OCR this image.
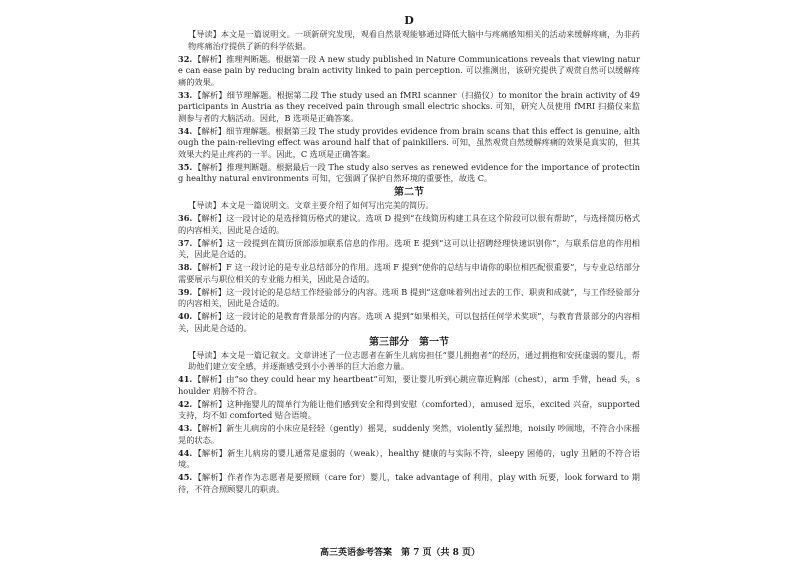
D
【导读】本文是一篇说明文。一项新研究发现，观看自然景观能够通过降低大脑中与疼痛感知相关的活动来缓解疼痛，为非药物疼痛治疗提供了新的科学依据。
32.【解析】推理判断题。根据第一段 A new study published in Nature Communications reveals that viewing nature can ease pain by reducing brain activity linked to pain perception. 可以推测出，该研究提供了观赏自然可以缓解疼痛的效果。
33.【解析】细节理解题。根据第二段 The study used an fMRI scanner（扫描仪）to monitor the brain activity of 49 participants in Austria as they received pain through small electric shocks. 可知，研究人员使用 fMRI 扫描仪来监测参与者的大脑活动。因此，B 选项是正确答案。
34.【解析】细节理解题。根据第三段 The study provides evidence from brain scans that this effect is genuine, although the pain-relieving effect was around half that of painkillers. 可知，虽然观赏自然缓解疼痛的效果是真实的，但其效果大约是止疼药的一半。因此，C 选项是正确答案。
35.【解析】推理判断题。根据最后一段 The study also serves as renewed evidence for the importance of protecting healthy natural environments 可知，它强调了保护自然环境的重要性，故选 C。
第二节
【导读】本文是一篇说明文。文章主要介绍了如何写出完美的简历。
36.【解析】这一段讨论的是选择简历格式的建议。选项 D 提到“在线简历构建工具在这个阶段可以很有帮助”，与选择简历格式的内容相关，因此是合适的。
37.【解析】这一段提到在简历顶部添加联系信息的作用。选项 E 提到“这可以让招聘经理快速识别你”，与联系信息的作用相关，因此是合适的。
38.【解析】F 这一段讨论的是专业总结部分的作用。选项 F 提到“使你的总结与申请你的职位相匹配很重要”，与专业总结部分需要展示与职位相关的专业能力相关，因此是合适的。
39.【解析】这一段讨论的是总结工作经验部分的内容。选项 B 提到“这意味着列出过去的工作、职责和成就”，与工作经验部分的内容相关，因此是合适的。
40.【解析】这一段讨论的是教育背景部分的内容。选项 A 提到“如果相关，可以包括任何学术奖项”，与教育背景部分的内容相关，因此是合适的。
第三部分　第一节
【导读】本文是一篇记叙文。文章讲述了一位志愿者在新生儿病房担任“婴儿拥抱者”的经历，通过拥抱和安抚虚弱的婴儿，帮助他们建立安全感，并逐渐感受到小小善举的巨大治愈力量。
41.【解析】由“so they could hear my heartbeat”可知，要让婴儿听到心跳应靠近胸部（chest），arm 手臂，head 头，shoulder 肩膀不符合。
42.【解析】这种拖婴儿的简单行为能让他们感到安全和得到安慰（comforted），amused 逗乐，excited 兴奋，supported 支持，均不如 comforted 贴合语境。
43.【解析】新生儿病房的小床应是轻轻（gently）摇晃，suddenly 突然，violently 猛烈地，noisily 吵闹地，不符合小床摇晃的状态。
44.【解析】新生儿病房的婴儿通常是虚弱的（weak），healthy 健康的与实际不符，sleepy 困倦的，ugly 丑陋的不符合语境。
45.【解析】作者作为志愿者是要照顾（care for）婴儿，take advantage of 利用，play with 玩要，look forward to 期待，不符合照顾婴儿的职责。
高三英语参考答案　第 7 页（共 8 页）
